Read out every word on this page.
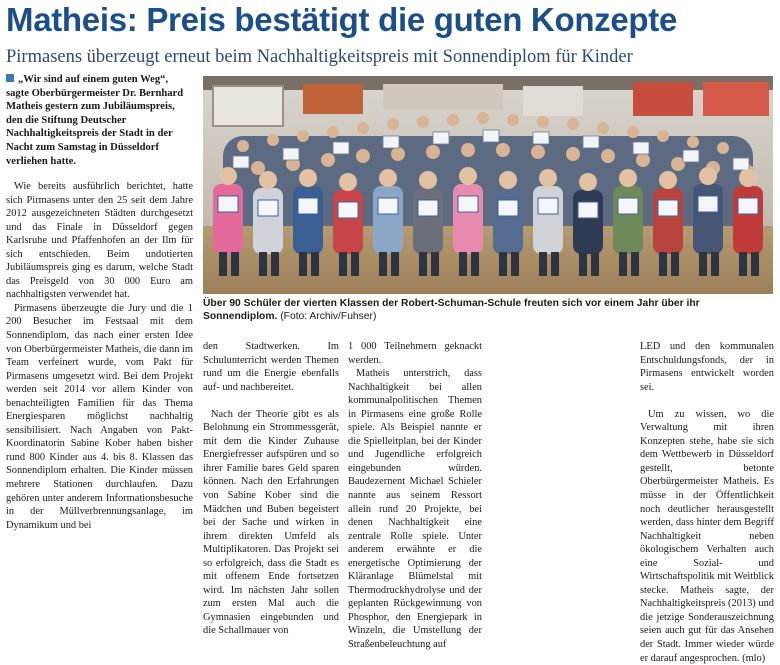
Matheis: Preis bestätigt die guten Konzepte
Pirmasens überzeugt erneut beim Nachhaltigkeitspreis mit Sonnendiplom für Kinder
„Wir sind auf einem guten Weg“, sagte Oberbürgermeister Dr. Bernhard Matheis gestern zum Jubiläumspreis, den die Stiftung Deutscher Nachhaltigkeitspreis der Stadt in der Nacht zum Samstag in Düsseldorf verliehen hatte.

Wie bereits ausführlich berichtet, hatte sich Pirmasens unter den 25 seit dem Jahre 2012 ausgezeichneten Städten durchgesetzt und das Finale in Düsseldorf gegen Karlsruhe und Pfaffenhofen an der Ilm für sich entschieden. Beim undotierten Jubiläumspreis ging es darum, welche Stadt das Preisgeld von 30 000 Euro am nachhaltigsten verwendet hat.

Pirmasens überzeugte die Jury und die 1 200 Besucher im Festsaal mit dem Sonnendiplom, das nach einer ersten Idee von Oberbürgermeister Matheis, die dann im Team verfeinert wurde, vom Pakt für Pirmasens umgesetzt wird. Bei dem Projekt werden seit 2014 vor allem Kinder von benachteiligten Familien für das Thema Energiesparen möglichst nachhaltig sensibilisiert. Nach Angaben von Pakt-Koordinatorin Sabine Kober haben bisher rund 800 Kinder aus 4. bis 8. Klassen das Sonnendiplom erhalten. Die Kinder müssen mehrere Stationen durchlaufen. Dazu gehören unter anderem Informationsbesuche in der Müllverbrennungsanlage, im Dynamikum und bei

Über 90 Schüler der vierten Klassen der Robert-Schuman-Schule freuten sich vor einem Jahr über ihr Sonnendiplom. (Foto: Archiv/Fuhser)

den Stadtwerken. Im Schulunterricht werden Themen rund um die Energie ebenfalls auf- und nachbereitet.

Nach der Theorie gibt es als Belohnung ein Strommessgerät, mit dem die Kinder Zuhause Energiefresser aufspüren und so ihrer Familie bares Geld sparen können. Nach den Erfahrungen von Sabine Kober sind die Mädchen und Buben begeistert bei der Sache und wirken in ihrem direkten Umfeld als Multiplikatoren. Das Projekt sei so erfolgreich, dass die Stadt es mit offenem Ende fortsetzen wird. Im nächsten Jahr sollen zum ersten Mal auch die Gymnasien eingebunden und die Schallmauer von

1 000 Teilnehmern geknackt werden.

Matheis unterstrich, dass Nachhaltigkeit bei allen kommunalpolitischen Themen in Pirmasens eine große Rolle spiele. Als Beispiel nannte er die Spielleitplan, bei der Kinder und Jugendliche erfolgreich eingebunden würden. Baudezernent Michael Schieler nannte aus seinem Ressort allein rund 20 Projekte, bei denen Nachhaltigkeit eine zentrale Rolle spiele. Unter anderem erwähnte er die energetische Optimierung der Kläranlage Blümelstal mit Thermodruckhydrolyse und der geplanten Rückgewinnung von Phosphor, den Energiepark in Winzeln, die Umstellung der Straßenbeleuchtung auf

LED und den kommunalen Entschuldungsfonds, der in Pirmasens entwickelt worden sei.

Um zu wissen, wo die Verwaltung mit ihren Konzepten stehe, habe sie sich dem Wettbewerb in Düsseldorf gestellt, betonte Oberbürgermeister Matheis. Es müsse in der Öffentlichkeit noch deutlicher herausgestellt werden, dass hinter dem Begriff Nachhaltigkeit neben ökologischem Verhalten auch eine Sozial- und Wirtschaftspolitik mit Weitblick stecke. Matheis sagte, der Nachhaltigkeitspreis (2013) und die jetzige Sonderauszeichnung seien auch gut für das Ansehen der Stadt. Immer wieder würde er darauf angesprochen. (mlo)
